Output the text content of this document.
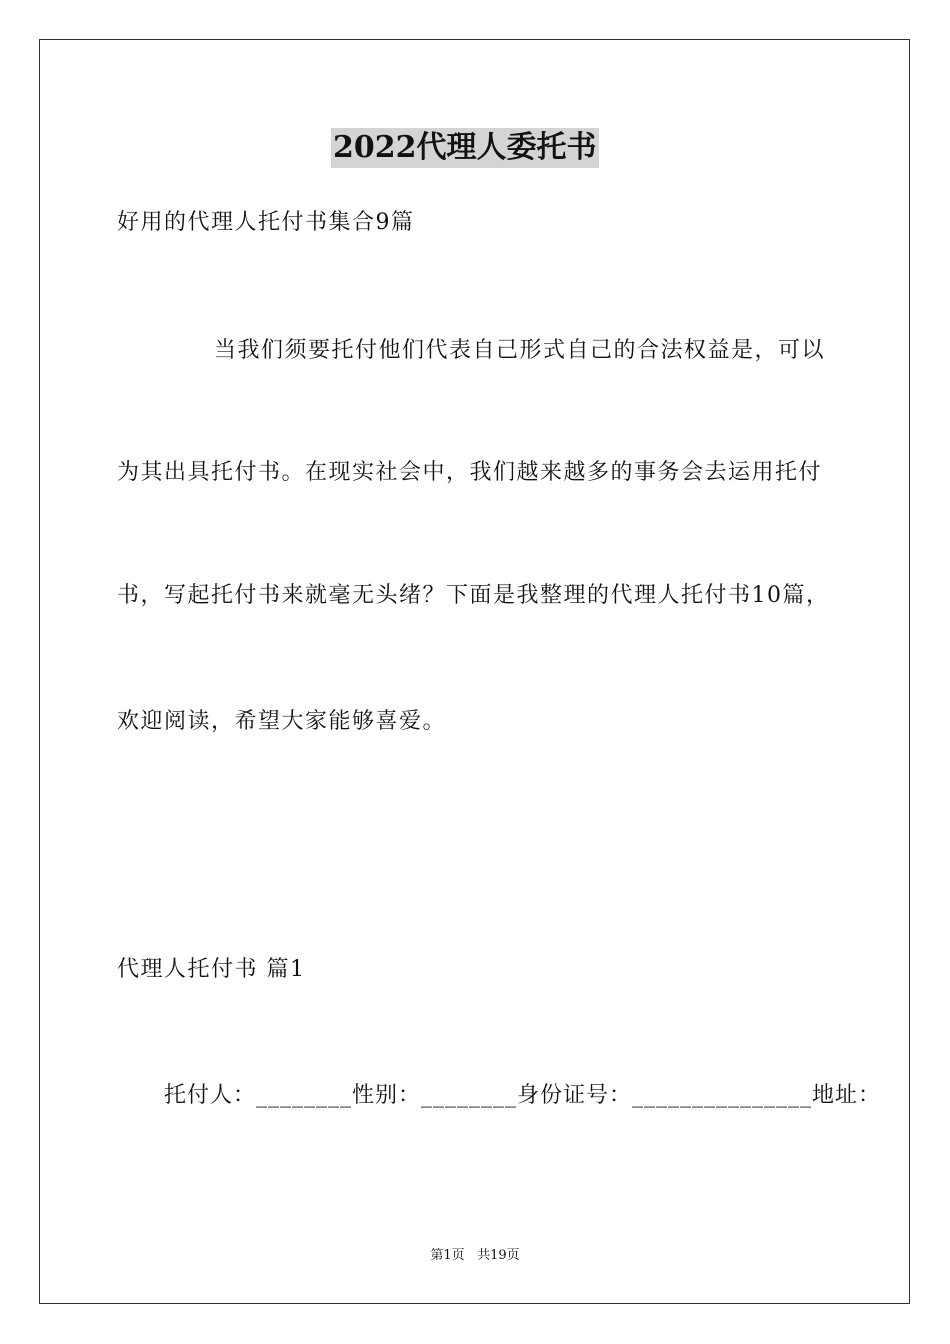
2022代理人委托书
好用的代理人托付书集合9篇
当我们须要托付他们代表自己形式自己的合法权益是，可以
为其出具托付书。在现实社会中，我们越来越多的事务会去运用托付
书，写起托付书来就毫无头绪？下面是我整理的代理人托付书10篇，
欢迎阅读，希望大家能够喜爱。
代理人托付书 篇1
托付人：________性别：________身份证号：_______________地址：
第1页 共19页
